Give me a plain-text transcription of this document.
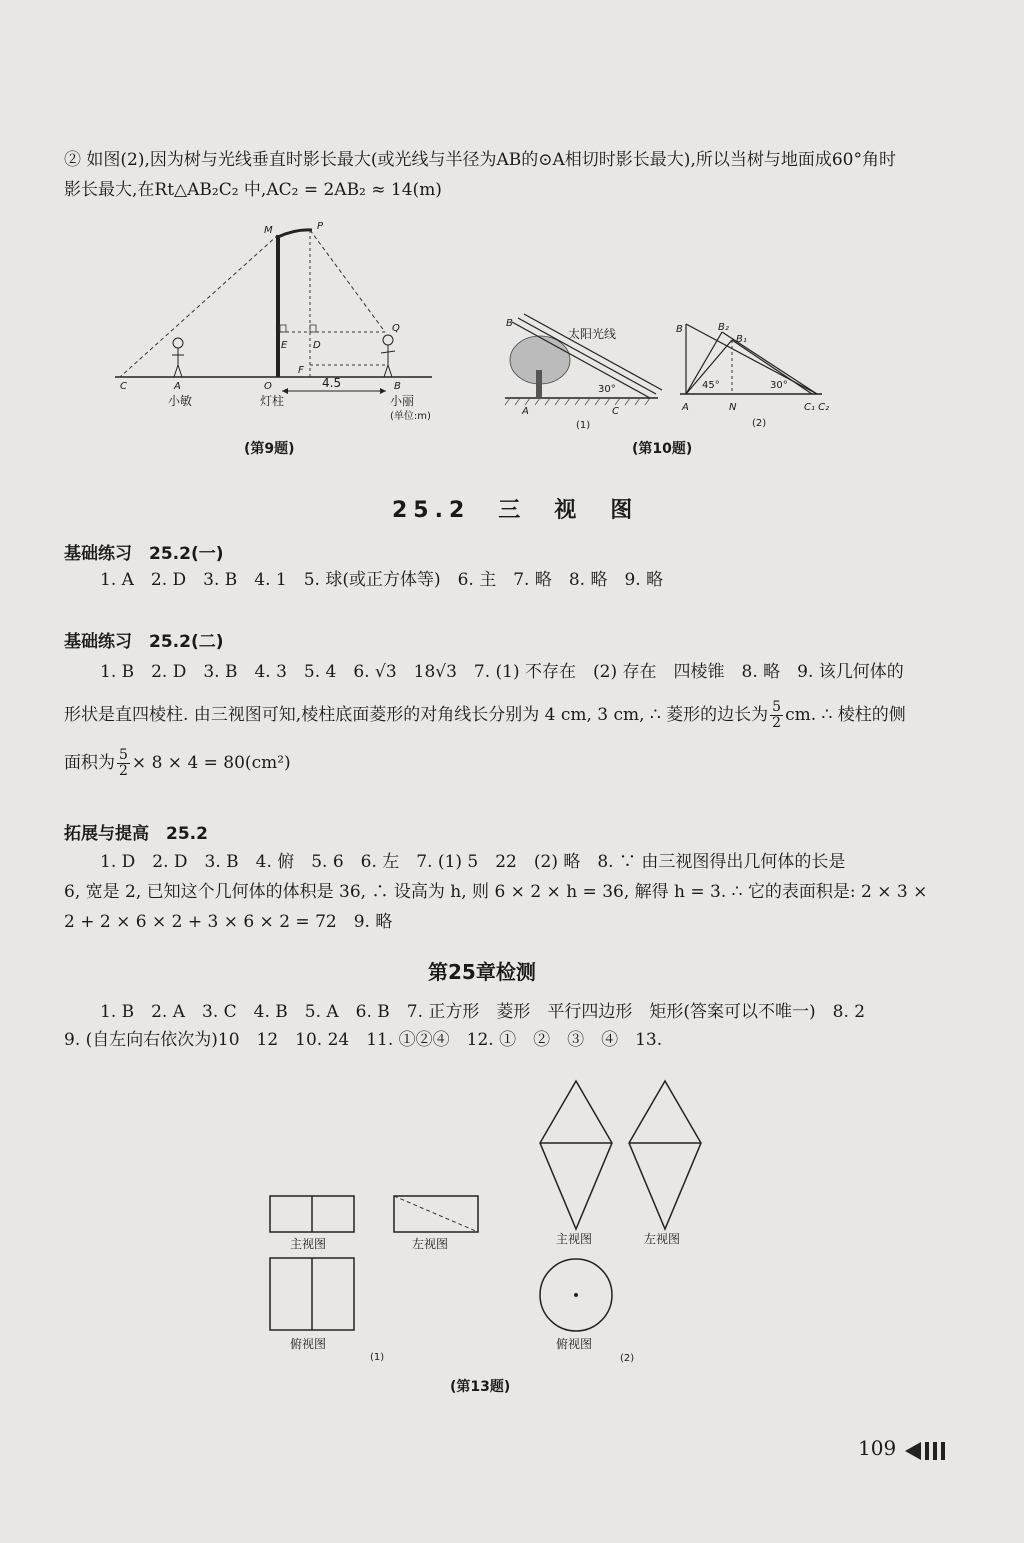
② 如图(2),因为树与光线垂直时影长最大(或光线与半径为AB的⊙A相切时影长最大),所以当树与地面成60°角时
影长最大,在Rt△AB₂C₂ 中,AC₂ = 2AB₂ ≈ 14(m)
4.5
M	P
Q
E	D
F
C	A	O	B
小敏	灯柱	小丽
(单位:m)
(第9题)
太阳光线
30°
B
A	C
(1)
B	B₂
B₁
45°	30°
A	N	C₁ C₂
(2)
(第10题)
25.2　三　视　图
基础练习　25.2(一)
1. A　2. D　3. B　4. 1　5. 球(或正方体等)　6. 主　7. 略　8. 略　9. 略
基础练习　25.2(二)
1. B　2. D　3. B　4. 3　5. 4　6. √3　18√3　7. (1) 不存在　(2) 存在　四棱锥　8. 略　9. 该几何体的
形状是直四棱柱. 由三视图可知,棱柱底面菱形的对角线长分别为 4 cm, 3 cm, ∴ 菱形的边长为 $\frac{5}{2}$ cm. ∴ 棱柱的侧
面积为 $\frac{5}{2} \times 8 \times 4 = 80(cm^2)$
拓展与提高　25.2
1. D　2. D　3. B　4. 俯　5. 6　6. 左　7. (1) 5　22　(2) 略　8. ∵ 由三视图得出几何体的长是
6, 宽是 2, 已知这个几何体的体积是 36, ∴ 设高为 h, 则 6 × 2 × h = 36, 解得 h = 3. ∴ 它的表面积是: 2 × 3 ×
2 + 2 × 6 × 2 + 3 × 6 × 2 = 72　9. 略
第25章检测
1. B　2. A　3. C　4. B　5. A　6. B　7. 正方形　菱形　平行四边形　矩形(答案可以不唯一)　8. 2
9. (自左向右依次为)10　12　10. 24　11. ①②④　12. ①　②　③　④　13.
主视图	左视图
俯视图
(1)
主视图	左视图
俯视图
(2)
(第13题)
109
